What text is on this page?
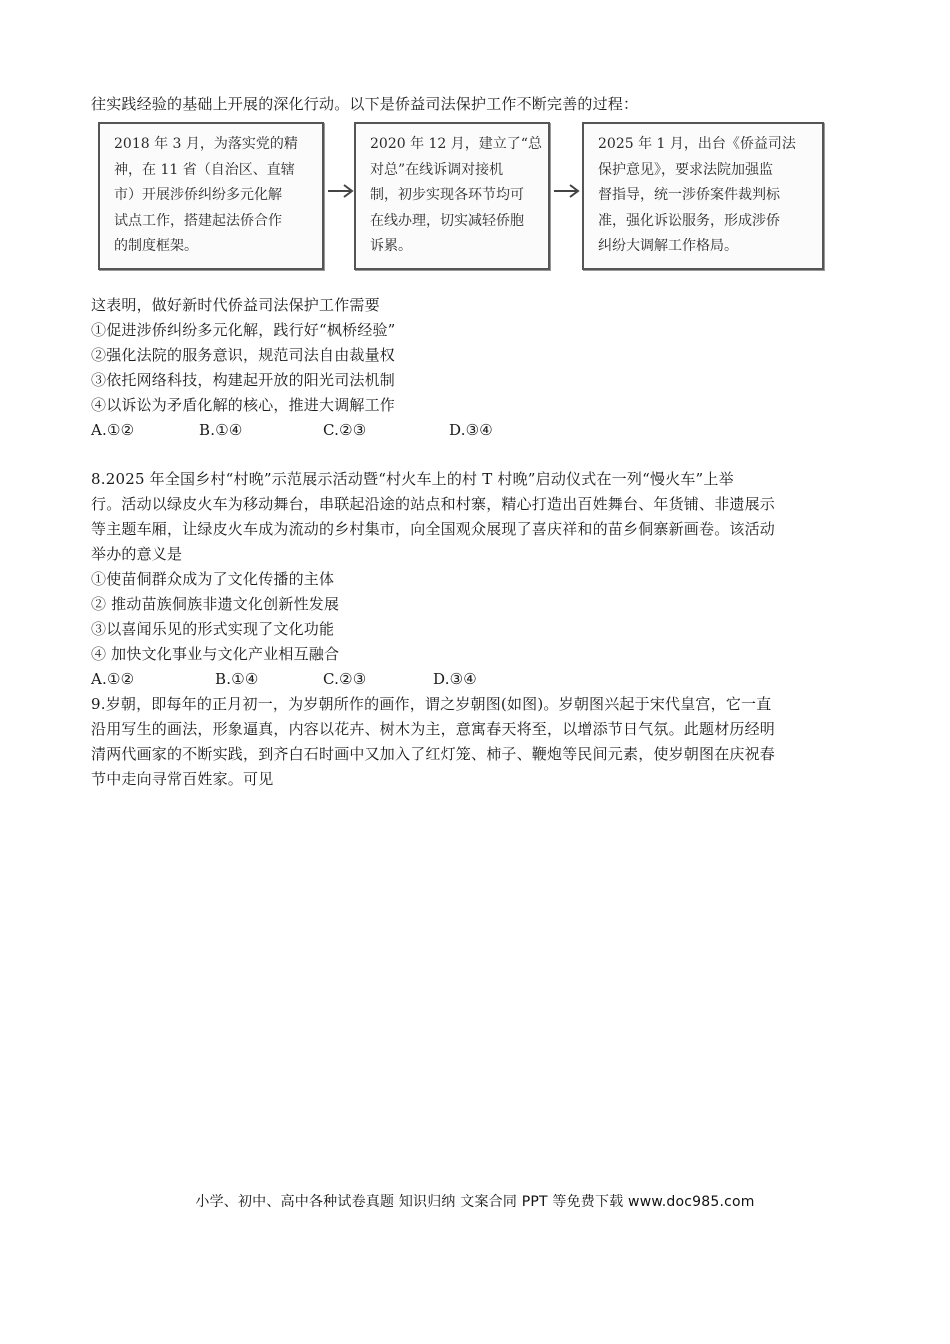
往实践经验的基础上开展的深化行动。以下是侨益司法保护工作不断完善的过程：
2018 年 3 月，为落实党的精
神，在 11 省（自治区、直辖
市）开展涉侨纠纷多元化解
试点工作，搭建起法侨合作
的制度框架。
2020 年 12 月，建立了“总
对总”在线诉调对接机
制，初步实现各环节均可
在线办理，切实减轻侨胞
诉累。
2025 年 1 月，出台《侨益司法
保护意见》，要求法院加强监
督指导，统一涉侨案件裁判标
准，强化诉讼服务，形成涉侨
纠纷大调解工作格局。
这表明，做好新时代侨益司法保护工作需要
①促进涉侨纠纷多元化解，践行好“枫桥经验”
②强化法院的服务意识，规范司法自由裁量权
③依托网络科技，构建起开放的阳光司法机制
④以诉讼为矛盾化解的核心，推进大调解工作
A.①②	B.①④	C.②③	D.③④
8.2025 年全国乡村“村晚”示范展示活动暨“村火车上的村 T 村晚”启动仪式在一列“慢火车”上举
行。活动以绿皮火车为移动舞台，串联起沿途的站点和村寨，精心打造出百姓舞台、年货铺、非遗展示
等主题车厢，让绿皮火车成为流动的乡村集市，向全国观众展现了喜庆祥和的苗乡侗寨新画卷。该活动
举办的意义是
①使苗侗群众成为了文化传播的主体
② 推动苗族侗族非遗文化创新性发展
③以喜闻乐见的形式实现了文化功能
④ 加快文化事业与文化产业相互融合
A.①②	B.①④	C.②③	D.③④
9.岁朝，即每年的正月初一，为岁朝所作的画作，谓之岁朝图(如图)。岁朝图兴起于宋代皇宫，它一直
沿用写生的画法，形象逼真，内容以花卉、树木为主，意寓春天将至，以增添节日气氛。此题材历经明
清两代画家的不断实践，到齐白石时画中又加入了红灯笼、柿子、鞭炮等民间元素，使岁朝图在庆祝春
节中走向寻常百姓家。可见
小学、初中、高中各种试卷真题 知识归纳 文案合同 PPT 等免费下载 www.doc985.com
